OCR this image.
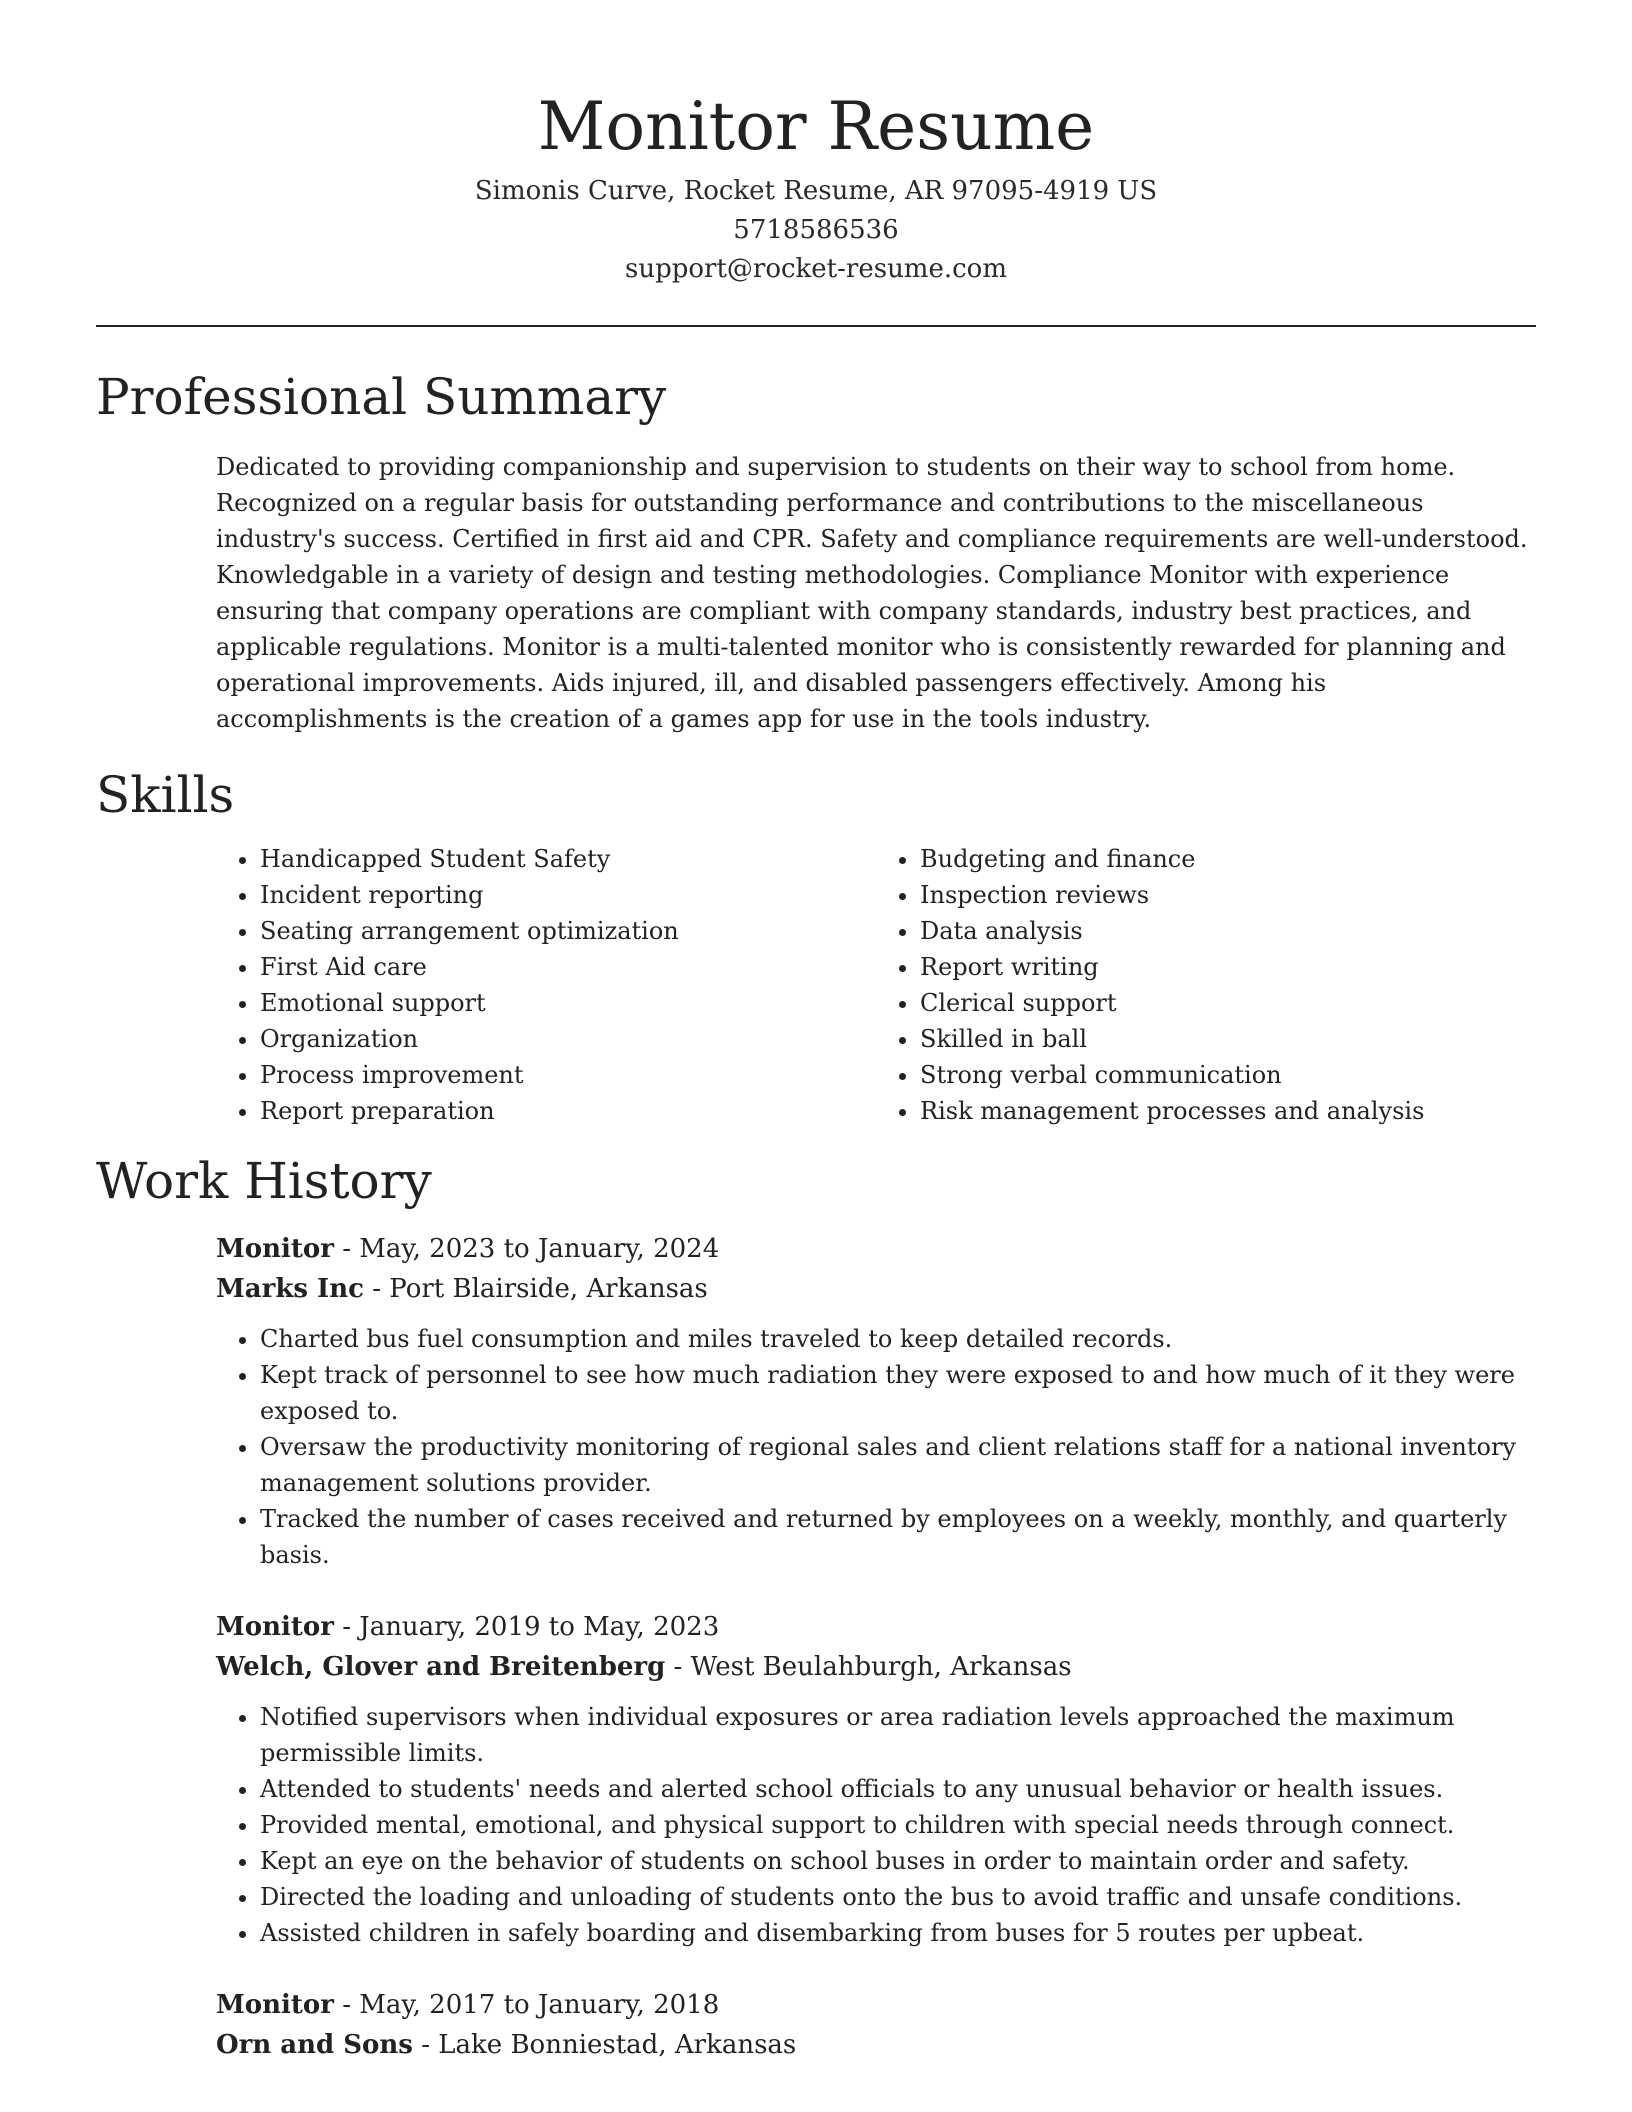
Monitor Resume
Simonis Curve, Rocket Resume, AR 97095-4919 US
5718586536
support@rocket-resume.com
Professional Summary

Dedicated to providing companionship and supervision to students on their way to school from home. Recognized on a regular basis for outstanding performance and contributions to the miscellaneous industry's success. Certified in first aid and CPR. Safety and compliance requirements are well-understood. Knowledgable in a variety of design and testing methodologies. Compliance Monitor with experience ensuring that company operations are compliant with company standards, industry best practices, and applicable regulations. Monitor is a multi-talented monitor who is consistently rewarded for planning and operational improvements. Aids injured, ill, and disabled passengers effectively. Among his accomplishments is the creation of a games app for use in the tools industry.

Skills
• Handicapped Student Safety
• Incident reporting
• Seating arrangement optimization
• First Aid care
• Emotional support
• Organization
• Process improvement
• Report preparation
• Budgeting and finance
• Inspection reviews
• Data analysis
• Report writing
• Clerical support
• Skilled in ball
• Strong verbal communication
• Risk management processes and analysis
Work History
Monitor - May, 2023 to January, 2024
Marks Inc - Port Blairside, Arkansas
• Charted bus fuel consumption and miles traveled to keep detailed records.
• Kept track of personnel to see how much radiation they were exposed to and how much of it they were exposed to.
• Oversaw the productivity monitoring of regional sales and client relations staff for a national inventory management solutions provider.
• Tracked the number of cases received and returned by employees on a weekly, monthly, and quarterly basis.
Monitor - January, 2019 to May, 2023
Welch, Glover and Breitenberg - West Beulahburgh, Arkansas
• Notified supervisors when individual exposures or area radiation levels approached the maximum permissible limits.
• Attended to students' needs and alerted school officials to any unusual behavior or health issues.
• Provided mental, emotional, and physical support to children with special needs through connect.
• Kept an eye on the behavior of students on school buses in order to maintain order and safety.
• Directed the loading and unloading of students onto the bus to avoid traffic and unsafe conditions.
• Assisted children in safely boarding and disembarking from buses for 5 routes per upbeat.
Monitor - May, 2017 to January, 2018
Orn and Sons - Lake Bonniestad, Arkansas
